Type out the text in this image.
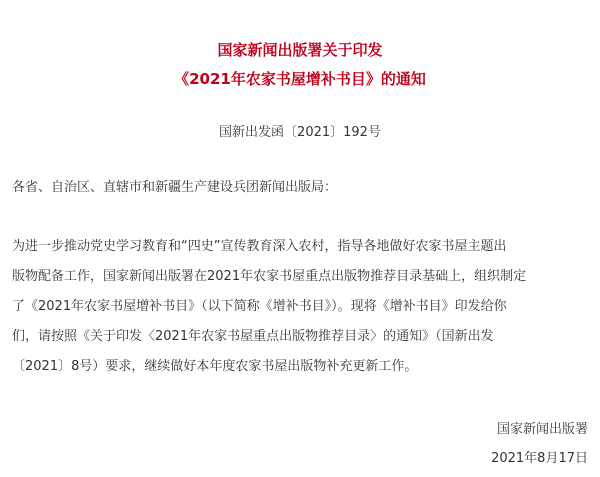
国家新闻出版署关于印发
《2021年农家书屋增补书目》的通知
国新出发函〔2021〕192号
各省、自治区、直辖市和新疆生产建设兵团新闻出版局：
为进一步推动党史学习教育和“四史”宣传教育深入农村，指导各地做好农家书屋主题出
版物配备工作，国家新闻出版署在2021年农家书屋重点出版物推荐目录基础上，组织制定
了《2021年农家书屋增补书目》（以下简称《增补书目》）。现将《增补书目》印发给你
们，请按照《关于印发〈2021年农家书屋重点出版物推荐目录〉的通知》（国新出发
〔2021〕8号）要求，继续做好本年度农家书屋出版物补充更新工作。
国家新闻出版署
2021年8月17日
